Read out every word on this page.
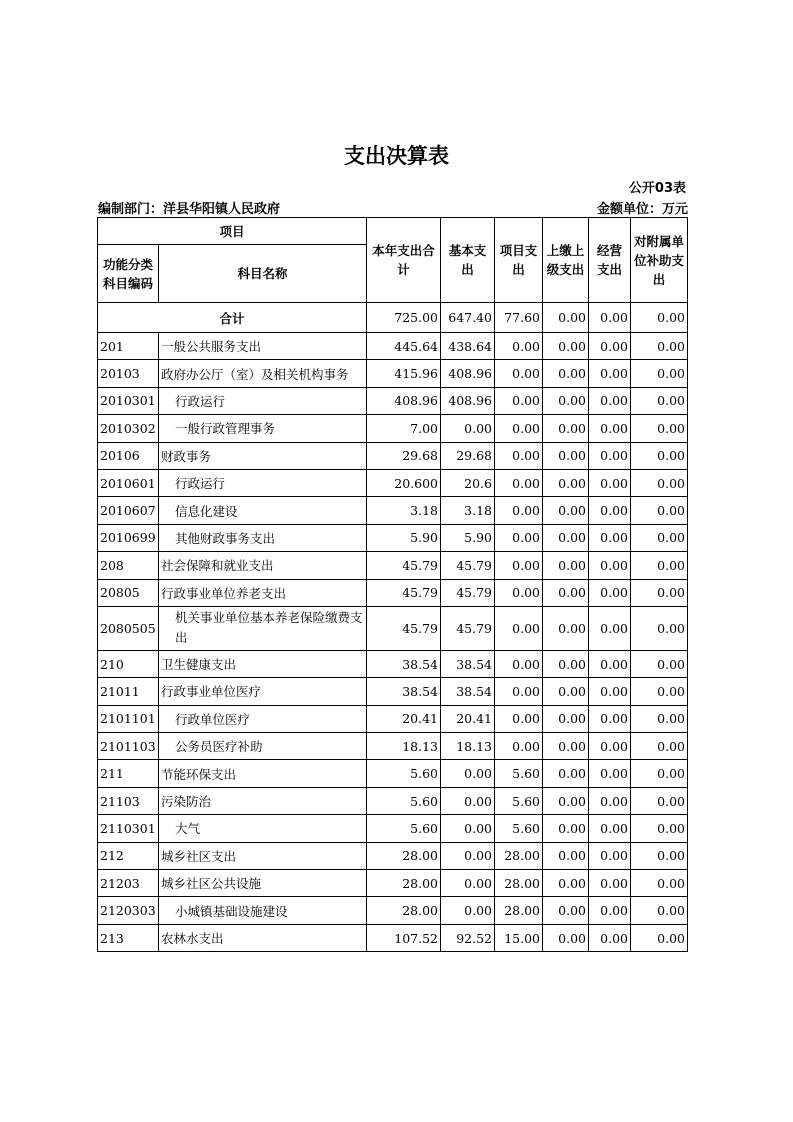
支出决算表
公开03表
编制部门：洋县华阳镇人民政府	金额单位：万元
项目		本年支出合计	基本支出	项目支出	上缴上级支出	经营支出	对附属单位补助支出
功能分类科目编码	科目名称						
合计		725.00	647.40	77.60	0.00	0.00	0.00
201	一般公共服务支出	445.64	438.64	0.00	0.00	0.00	0.00
20103	政府办公厅（室）及相关机构事务	415.96	408.96	0.00	0.00	0.00	0.00
2010301	行政运行	408.96	408.96	0.00	0.00	0.00	0.00
2010302	一般行政管理事务	7.00	0.00	0.00	0.00	0.00	0.00
20106	财政事务	29.68	29.68	0.00	0.00	0.00	0.00
2010601	行政运行	20.600	20.6	0.00	0.00	0.00	0.00
2010607	信息化建设	3.18	3.18	0.00	0.00	0.00	0.00
2010699	其他财政事务支出	5.90	5.90	0.00	0.00	0.00	0.00
208	社会保障和就业支出	45.79	45.79	0.00	0.00	0.00	0.00
20805	行政事业单位养老支出	45.79	45.79	0.00	0.00	0.00	0.00
2080505	机关事业单位基本养老保险缴费支出	45.79	45.79	0.00	0.00	0.00	0.00
210	卫生健康支出	38.54	38.54	0.00	0.00	0.00	0.00
21011	行政事业单位医疗	38.54	38.54	0.00	0.00	0.00	0.00
2101101	行政单位医疗	20.41	20.41	0.00	0.00	0.00	0.00
2101103	公务员医疗补助	18.13	18.13	0.00	0.00	0.00	0.00
211	节能环保支出	5.60	0.00	5.60	0.00	0.00	0.00
21103	污染防治	5.60	0.00	5.60	0.00	0.00	0.00
2110301	大气	5.60	0.00	5.60	0.00	0.00	0.00
212	城乡社区支出	28.00	0.00	28.00	0.00	0.00	0.00
21203	城乡社区公共设施	28.00	0.00	28.00	0.00	0.00	0.00
2120303	小城镇基础设施建设	28.00	0.00	28.00	0.00	0.00	0.00
213	农林水支出	107.52	92.52	15.00	0.00	0.00	0.00
